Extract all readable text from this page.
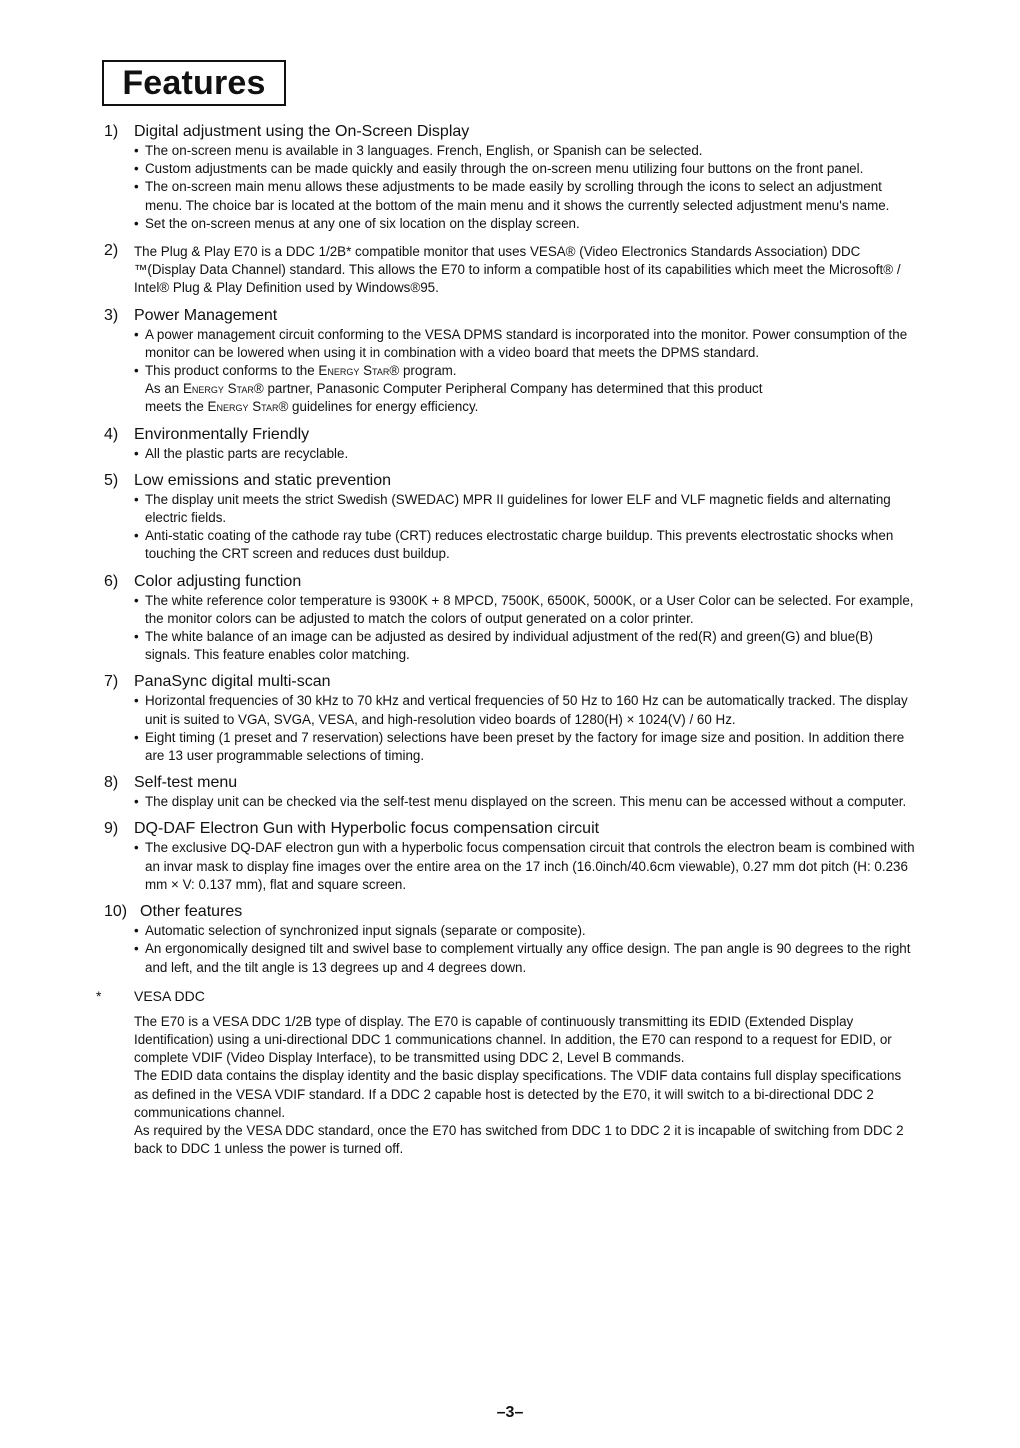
Features
1) Digital adjustment using the On-Screen Display
• The on-screen menu is available in 3 languages. French, English, or Spanish can be selected.
• Custom adjustments can be made quickly and easily through the on-screen menu utilizing four buttons on the front panel.
• The on-screen main menu allows these adjustments to be made easily by scrolling through the icons to select an adjustment menu. The choice bar is located at the bottom of the main menu and it shows the currently selected adjustment menu's name.
• Set the on-screen menus at any one of six location on the display screen.
2) The Plug & Play E70 is a DDC 1/2B* compatible monitor that uses VESA® (Video Electronics Standards Association) DDC ™(Display Data Channel) standard. This allows the E70 to inform a compatible host of its capabilities which meet the Microsoft® / Intel® Plug & Play Definition used by Windows®95.
3) Power Management
• A power management circuit conforming to the VESA DPMS standard is incorporated into the monitor. Power consumption of the monitor can be lowered when using it in combination with a video board that meets the DPMS standard.
• This product conforms to the Energy Star® program.
As an Energy Star® partner, Panasonic Computer Peripheral Company has determined that this product
meets the Energy Star® guidelines for energy efficiency.
4) Environmentally Friendly
• All the plastic parts are recyclable.
5) Low emissions and static prevention
• The display unit meets the strict Swedish (SWEDAC) MPR II guidelines for lower ELF and VLF magnetic fields and alternating electric fields.
• Anti-static coating of the cathode ray tube (CRT) reduces electrostatic charge buildup. This prevents electrostatic shocks when touching the CRT screen and reduces dust buildup.
6) Color adjusting function
• The white reference color temperature is 9300K + 8 MPCD, 7500K, 6500K, 5000K, or a User Color can be selected. For example, the monitor colors can be adjusted to match the colors of output generated on a color printer.
• The white balance of an image can be adjusted as desired by individual adjustment of the red(R) and green(G) and blue(B) signals. This feature enables color matching.
7) PanaSync digital multi-scan
• Horizontal frequencies of 30 kHz to 70 kHz and vertical frequencies of 50 Hz to 160 Hz can be automatically tracked. The display unit is suited to VGA, SVGA, VESA, and high-resolution video boards of 1280(H) × 1024(V) / 60 Hz.
• Eight timing (1 preset and 7 reservation) selections have been preset by the factory for image size and position. In addition there are 13 user programmable selections of timing.
8) Self-test menu
• The display unit can be checked via the self-test menu displayed on the screen. This menu can be accessed without a computer.
9) DQ-DAF Electron Gun with Hyperbolic focus compensation circuit
• The exclusive DQ-DAF electron gun with a hyperbolic focus compensation circuit that controls the electron beam is combined with an invar mask to display fine images over the entire area on the 17 inch (16.0inch/40.6cm viewable), 0.27 mm dot pitch (H: 0.236 mm × V: 0.137 mm), flat and square screen.
10) Other features
• Automatic selection of synchronized input signals (separate or composite).
• An ergonomically designed tilt and swivel base to complement virtually any office design. The pan angle is 90 degrees to the right and left, and the tilt angle is 13 degrees up and 4 degrees down.
* VESA DDC

The E70 is a VESA DDC 1/2B type of display. The E70 is capable of continuously transmitting its EDID (Extended Display Identification) using a uni-directional DDC 1 communications channel. In addition, the E70 can respond to a request for EDID, or complete VDIF (Video Display Interface), to be transmitted using DDC 2, Level B commands.

The EDID data contains the display identity and the basic display specifications. The VDIF data contains full display specifications as defined in the VESA VDIF standard. If a DDC 2 capable host is detected by the E70, it will switch to a bi-directional DDC 2 communications channel.

As required by the VESA DDC standard, once the E70 has switched from DDC 1 to DDC 2 it is incapable of switching from DDC 2 back to DDC 1 unless the power is turned off.

–3–
